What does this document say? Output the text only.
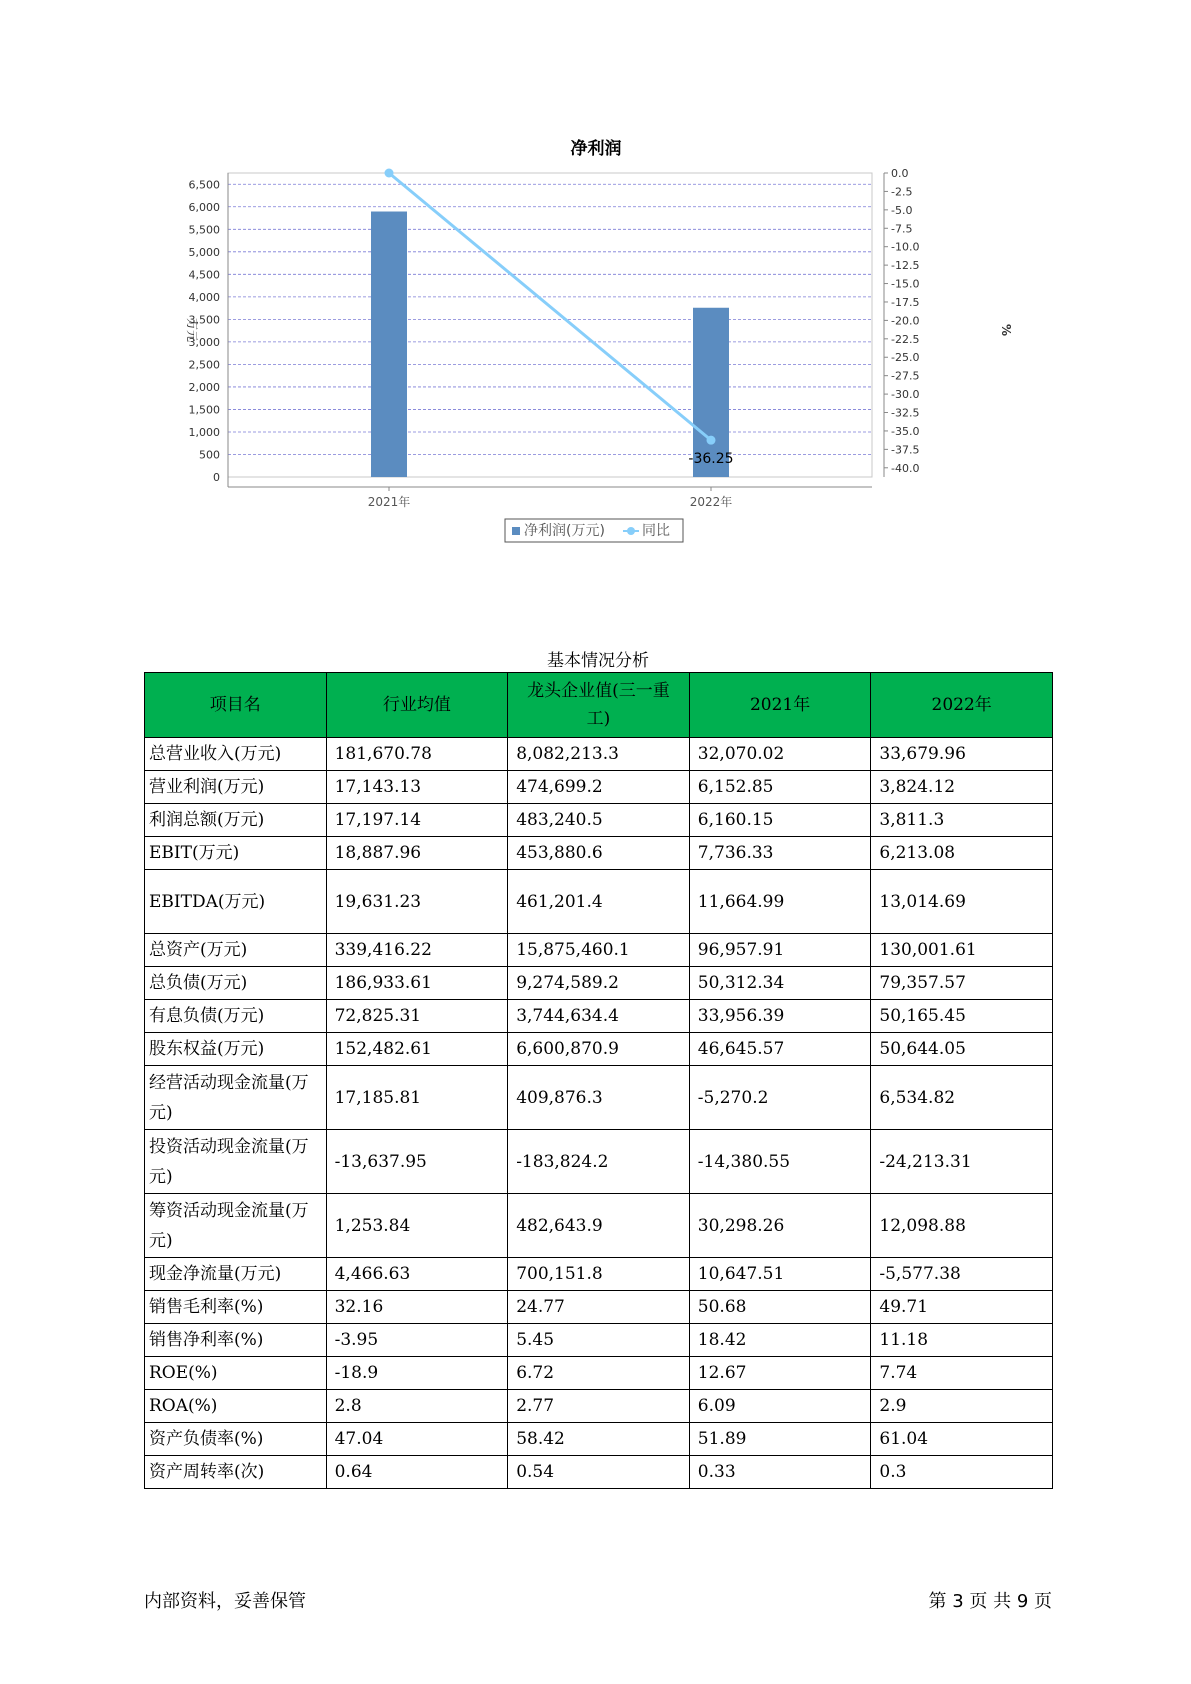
净利润
-36.25
0
500
1,000
1,500
2,000
2,500
3,000
3,500
4,000
4,500
5,000
5,500
6,000
6,500
0.0
-2.5
-5.0
-7.5
-10.0
-12.5
-15.0
-17.5
-20.0
-22.5
-25.0
-27.5
-30.0
-32.5
-35.0
-37.5
-40.0
2021年	2022年
万元	%
净利润(万元)	同比
基本情况分析
项目名	行业均值	龙头企业值(三一重工)	2021年	2022年
总营业收入(万元)	181,670.78	8,082,213.3	32,070.02	33,679.96
营业利润(万元)	17,143.13	474,699.2	6,152.85	3,824.12
利润总额(万元)	17,197.14	483,240.5	6,160.15	3,811.3
EBIT(万元)	18,887.96	453,880.6	7,736.33	6,213.08
EBITDA(万元)	19,631.23	461,201.4	11,664.99	13,014.69
总资产(万元)	339,416.22	15,875,460.1	96,957.91	130,001.61
总负债(万元)	186,933.61	9,274,589.2	50,312.34	79,357.57
有息负债(万元)	72,825.31	3,744,634.4	33,956.39	50,165.45
股东权益(万元)	152,482.61	6,600,870.9	46,645.57	50,644.05
经营活动现金流量(万元)	17,185.81	409,876.3	-5,270.2	6,534.82
投资活动现金流量(万元)	-13,637.95	-183,824.2	-14,380.55	-24,213.31
筹资活动现金流量(万元)	1,253.84	482,643.9	30,298.26	12,098.88
现金净流量(万元)	4,466.63	700,151.8	10,647.51	-5,577.38
销售毛利率(%)	32.16	24.77	50.68	49.71
销售净利率(%)	-3.95	5.45	18.42	11.18
ROE(%)	-18.9	6.72	12.67	7.74
ROA(%)	2.8	2.77	6.09	2.9
资产负债率(%)	47.04	58.42	51.89	61.04
资产周转率(次)	0.64	0.54	0.33	0.3
内部资料，妥善保管	第 3 页 共 9 页
